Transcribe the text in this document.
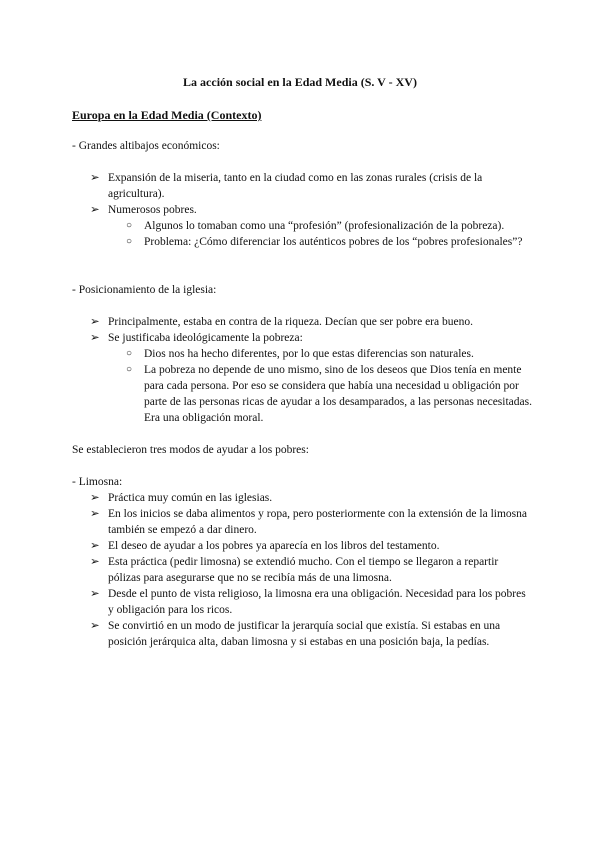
La acción social en la Edad Media (S. V - XV)
Europa en la Edad Media (Contexto)
- Grandes altibajos económicos:
➢ Expansión de la miseria, tanto en la ciudad como en las zonas rurales (crisis de la agricultura).
➢ Numerosos pobres.
○ Algunos lo tomaban como una “profesión” (profesionalización de la pobreza).
○ Problema: ¿Cómo diferenciar los auténticos pobres de los “pobres profesionales”?
- Posicionamiento de la iglesia:
➢ Principalmente, estaba en contra de la riqueza. Decían que ser pobre era bueno.
➢ Se justificaba ideológicamente la pobreza:
○ Dios nos ha hecho diferentes, por lo que estas diferencias son naturales.
○ La pobreza no depende de uno mismo, sino de los deseos que Dios tenía en mente para cada persona. Por eso se considera que había una necesidad u obligación por parte de las personas ricas de ayudar a los desamparados, a las personas necesitadas. Era una obligación moral.
Se establecieron tres modos de ayudar a los pobres:
- Limosna:
➢ Práctica muy común en las iglesias.
➢ En los inicios se daba alimentos y ropa, pero posteriormente con la extensión de la limosna también se empezó a dar dinero.
➢ El deseo de ayudar a los pobres ya aparecía en los libros del testamento.
➢ Esta práctica (pedir limosna) se extendió mucho. Con el tiempo se llegaron a repartir pólizas para asegurarse que no se recibía más de una limosna.
➢ Desde el punto de vista religioso, la limosna era una obligación. Necesidad para los pobres y obligación para los ricos.
➢ Se convirtió en un modo de justificar la jerarquía social que existía. Si estabas en una posición jerárquica alta, daban limosna y si estabas en una posición baja, la pedías.
